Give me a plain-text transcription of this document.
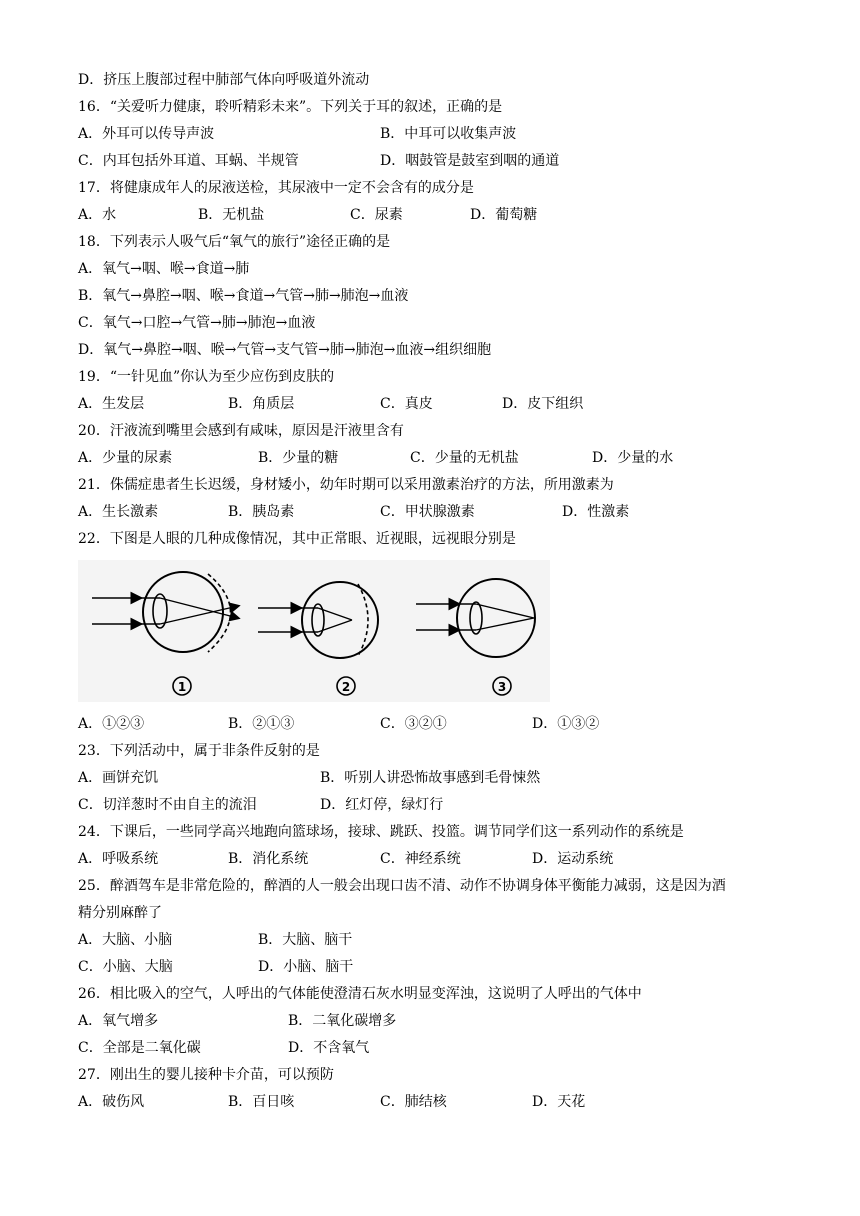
D．挤压上腹部过程中肺部气体向呼吸道外流动
16．“关爱听力健康，聆听精彩未来”。下列关于耳的叙述，正确的是
A．外耳可以传导声波	B．中耳可以收集声波
C．内耳包括外耳道、耳蜗、半规管	D．咽鼓管是鼓室到咽的通道
17．将健康成年人的尿液送检，其尿液中一定不会含有的成分是
A．水	B．无机盐	C．尿素	D．葡萄糖
18．下列表示人吸气后“氧气的旅行”途径正确的是
A．氧气→咽、喉→食道→肺
B．氧气→鼻腔→咽、喉→食道→气管→肺→肺泡→血液
C．氧气→口腔→气管→肺→肺泡→血液
D．氧气→鼻腔→咽、喉→气管→支气管→肺→肺泡→血液→组织细胞
19．“一针见血”你认为至少应伤到皮肤的
A．生发层	B．角质层	C．真皮	D．皮下组织
20．汗液流到嘴里会感到有咸味，原因是汗液里含有
A．少量的尿素	B．少量的糖	C．少量的无机盐	D．少量的水
21．侏儒症患者生长迟缓，身材矮小，幼年时期可以采用激素治疗的方法，所用激素为
A．生长激素	B．胰岛素	C．甲状腺激素	D．性激素
22．下图是人眼的几种成像情况，其中正常眼、近视眼，远视眼分别是
1	2	3
A．①②③	B．②①③	C．③②①	D．①③②
23．下列活动中，属于非条件反射的是
A．画饼充饥	B．听别人讲恐怖故事感到毛骨悚然
C．切洋葱时不由自主的流泪	D．红灯停，绿灯行
24．下课后，一些同学高兴地跑向篮球场，接球、跳跃、投篮。调节同学们这一系列动作的系统是
A．呼吸系统	B．消化系统	C．神经系统	D．运动系统
25．醉酒驾车是非常危险的，醉酒的人一般会出现口齿不清、动作不协调身体平衡能力减弱，这是因为酒
精分别麻醉了
A．大脑、小脑	B．大脑、脑干
C．小脑、大脑	D．小脑、脑干
26．相比吸入的空气，人呼出的气体能使澄清石灰水明显变浑浊，这说明了人呼出的气体中
A．氧气增多	B．二氧化碳增多
C．全部是二氧化碳	D．不含氧气
27．刚出生的婴儿接种卡介苗，可以预防
A．破伤风	B．百日咳	C．肺结核	D．天花
